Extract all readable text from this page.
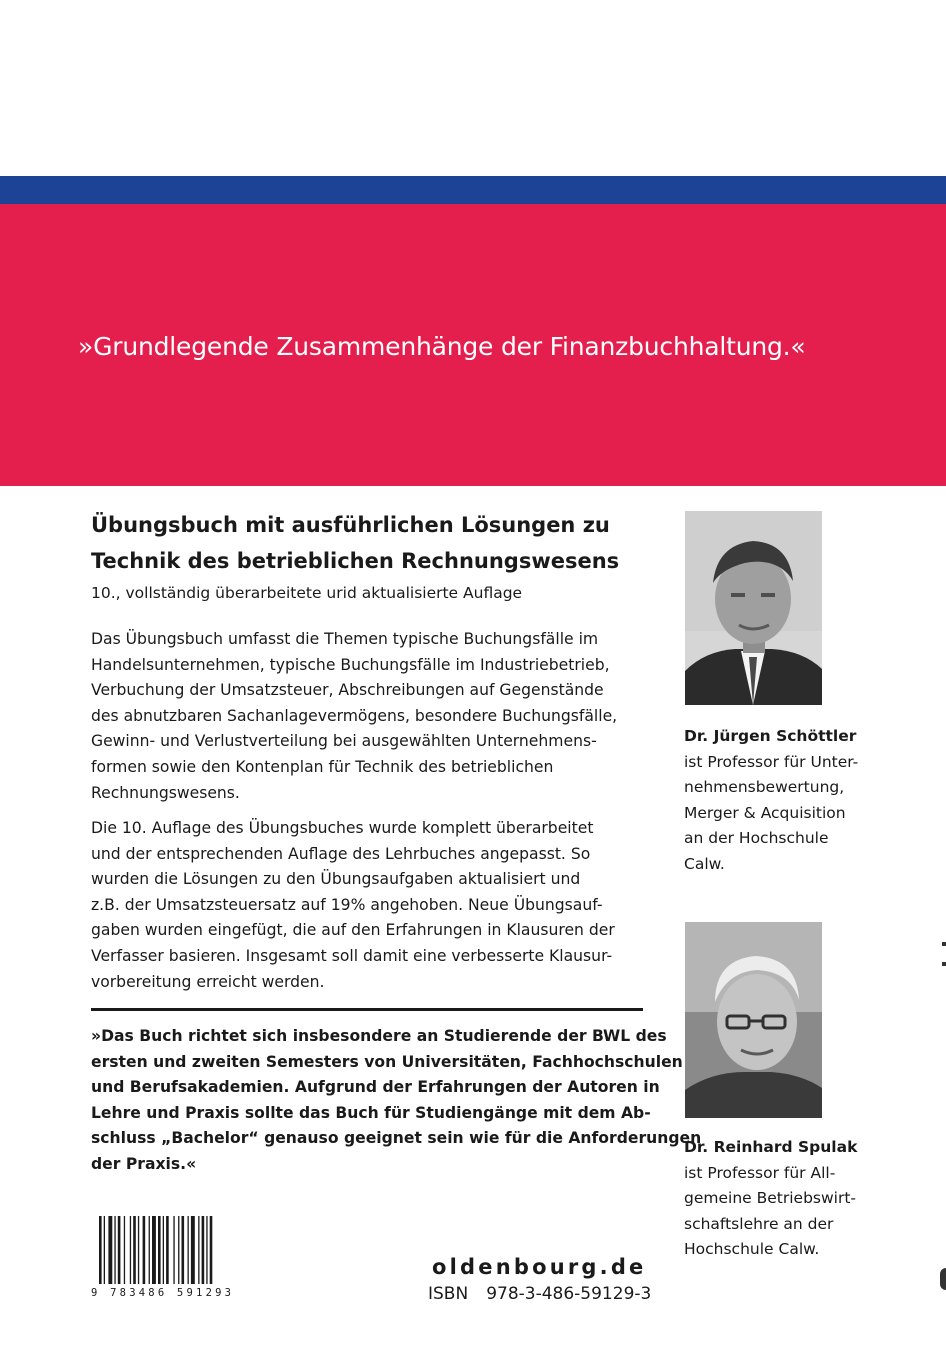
»Grundlegende Zusammenhänge der Finanzbuchhaltung.«
Übungsbuch mit ausführlichen Lösungen zu
Technik des betrieblichen Rechnungswesens
10., vollständig überarbeitete urid aktualisierte Auflage
Das Übungsbuch umfasst die Themen typische Buchungsfälle im
Handelsunternehmen, typische Buchungsfälle im Industriebetrieb,
Verbuchung der Umsatzsteuer, Abschreibungen auf Gegenstände
des abnutzbaren Sachanlagevermögens, besondere Buchungsfälle,
Gewinn- und Verlustverteilung bei ausgewählten Unternehmens-
formen sowie den Kontenplan für Technik des betrieblichen
Rechnungswesens.
Die 10. Auflage des Übungsbuches wurde komplett überarbeitet
und der entsprechenden Auflage des Lehrbuches angepasst. So
wurden die Lösungen zu den Übungsaufgaben aktualisiert und
z.B. der Umsatzsteuersatz auf 19% angehoben. Neue Übungsauf-
gaben wurden eingefügt, die auf den Erfahrungen in Klausuren der
Verfasser basieren. Insgesamt soll damit eine verbesserte Klausur-
vorbereitung erreicht werden.
»Das Buch richtet sich insbesondere an Studierende der BWL des
ersten und zweiten Semesters von Universitäten, Fachhochschulen
und Berufsakademien. Aufgrund der Erfahrungen der Autoren in
Lehre und Praxis sollte das Buch für Studiengänge mit dem Ab-
schluss „Bachelor“ genauso geeignet sein wie für die Anforderungen
der Praxis.«
Dr. Jürgen Schöttler
ist Professor für Unter-
nehmensbewertung,
Merger & Acquisition
an der Hochschule
Calw.
Dr. Reinhard Spulak
ist Professor für All-
gemeine Betriebswirt-
schaftslehre an der
Hochschule Calw.
9 783486 591293
oldenbourg.de
ISBN 978-3-486-59129-3
